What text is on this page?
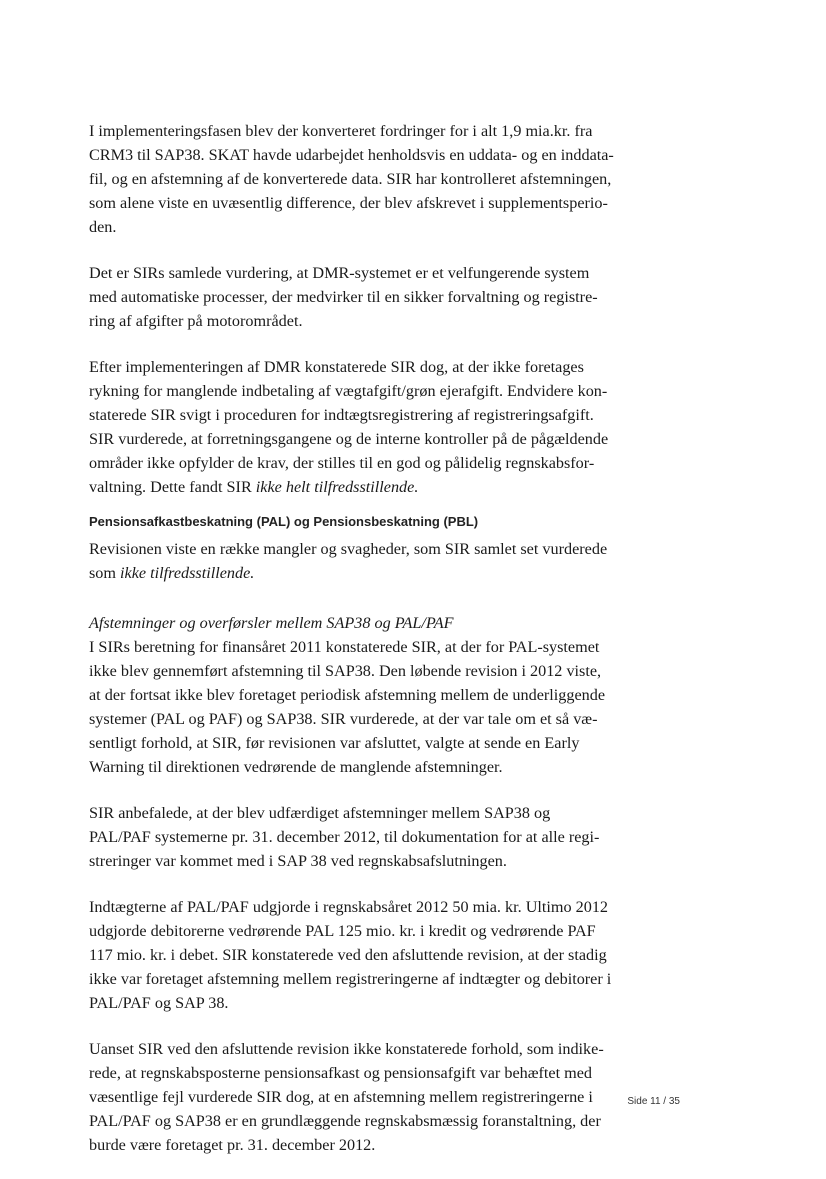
I implementeringsfasen blev der konverteret fordringer for i alt 1,9 mia.kr. fra
CRM3 til SAP38. SKAT havde udarbejdet henholdsvis en uddata- og en inddata-
fil, og en afstemning af de konverterede data. SIR har kontrolleret afstemningen,
som alene viste en uvæsentlig difference, der blev afskrevet i supplementsperio-
den.

Det er SIRs samlede vurdering, at DMR-systemet er et velfungerende system
med automatiske processer, der medvirker til en sikker forvaltning og registre-
ring af afgifter på motorområdet.

Efter implementeringen af DMR konstaterede SIR dog, at der ikke foretages
rykning for manglende indbetaling af vægtafgift/grøn ejerafgift. Endvidere kon-
staterede SIR svigt i proceduren for indtægtsregistrering af registreringsafgift.
SIR vurderede, at forretningsgangene og de interne kontroller på de pågældende
områder ikke opfylder de krav, der stilles til en god og pålidelig regnskabsfor-
valtning. Dette fandt SIR ikke helt tilfredsstillende.

Pensionsafkastbeskatning (PAL) og Pensionsbeskatning (PBL)

Revisionen viste en række mangler og svagheder, som SIR samlet set vurderede
som ikke tilfredsstillende.

Afstemninger og overførsler mellem SAP38 og PAL/PAF
I SIRs beretning for finansåret 2011 konstaterede SIR, at der for PAL-systemet
ikke blev gennemført afstemning til SAP38. Den løbende revision i 2012 viste,
at der fortsat ikke blev foretaget periodisk afstemning mellem de underliggende
systemer (PAL og PAF) og SAP38. SIR vurderede, at der var tale om et så væ-
sentligt forhold, at SIR, før revisionen var afsluttet, valgte at sende en Early
Warning til direktionen vedrørende de manglende afstemninger.

SIR anbefalede, at der blev udfærdiget afstemninger mellem SAP38 og
PAL/PAF systemerne pr. 31. december 2012, til dokumentation for at alle regi-
streringer var kommet med i SAP 38 ved regnskabsafslutningen.

Indtægterne af PAL/PAF udgjorde i regnskabsåret 2012 50 mia. kr. Ultimo 2012
udgjorde debitorerne vedrørende PAL 125 mio. kr. i kredit og vedrørende PAF
117 mio. kr. i debet. SIR konstaterede ved den afsluttende revision, at der stadig
ikke var foretaget afstemning mellem registreringerne af indtægter og debitorer i
PAL/PAF og SAP 38.

Uanset SIR ved den afsluttende revision ikke konstaterede forhold, som indike-
rede, at regnskabsposterne pensionsafkast og pensionsafgift var behæftet med
væsentlige fejl vurderede SIR dog, at en afstemning mellem registreringerne i
PAL/PAF og SAP38 er en grundlæggende regnskabsmæssig foranstaltning, der
burde være foretaget pr. 31. december 2012.

Side 11 / 35
